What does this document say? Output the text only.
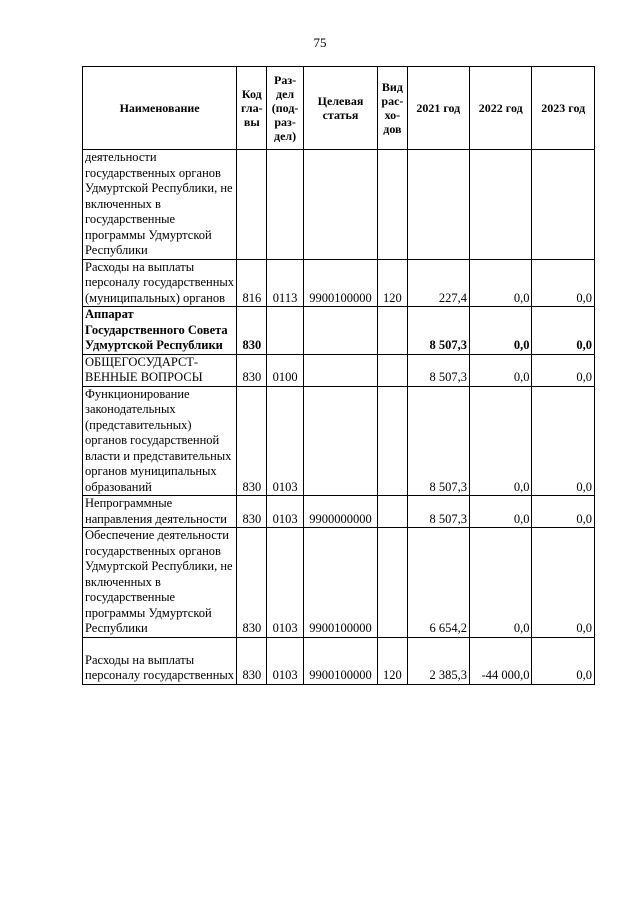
75
Наименование	Код гла-вы	Раз-дел (под-раз-дел)	Целевая статья	Вид рас-хо-дов	2021 год	2022 год	2023 год
деятельности государственных органов Удмуртской Республики, не включенных в государственные программы Удмуртской Республики							
Расходы на выплаты персоналу государственных (муниципальных) органов	816	0113	9900100000	120	227,4	0,0	0,0
Аппарат Государственного Совета Удмуртской Республики	830				8 507,3	0,0	0,0
ОБЩЕГОСУДАРСТ-ВЕННЫЕ ВОПРОСЫ	830	0100			8 507,3	0,0	0,0
Функционирование законодательных (представительных) органов государственной власти и представительных органов муниципальных образований	830	0103			8 507,3	0,0	0,0
Непрограммные направления деятельности	830	0103	9900000000		8 507,3	0,0	0,0
Обеспечение деятельности государственных органов Удмуртской Республики, не включенных в государственные программы Удмуртской Республики	830	0103	9900100000		6 654,2	0,0	0,0
Расходы на выплаты персоналу государственных	830	0103	9900100000	120	2 385,3	-44 000,0	0,0
